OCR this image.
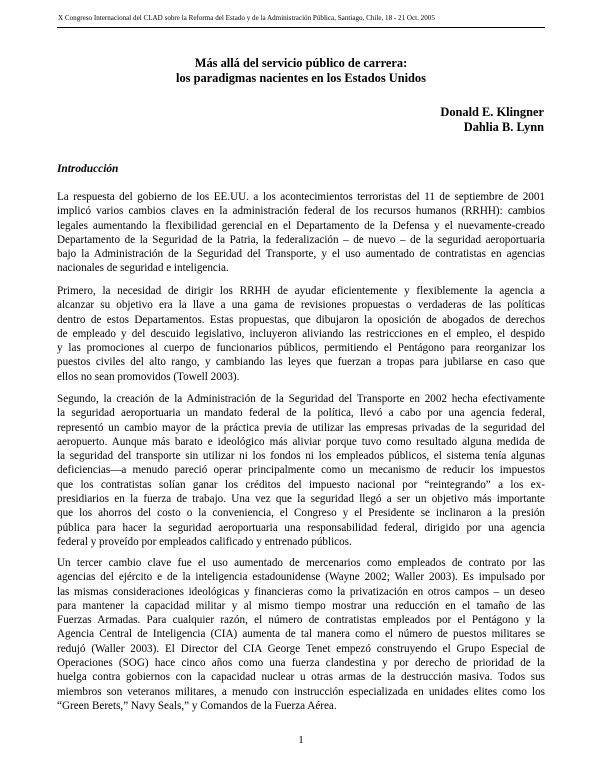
X Congreso Internacional del CLAD sobre la Reforma del Estado y de la Administración Pública, Santiago, Chile, 18 - 21 Oct. 2005
Más allá del servicio público de carrera:
los paradigmas nacientes en los Estados Unidos
Donald E. Klingner
Dahlia B. Lynn
Introducción
La respuesta del gobierno de los EE.UU. a los acontecimientos terroristas del 11 de septiembre de 2001
implicó varios cambios claves en la administración federal de los recursos humanos (RRHH): cambios
legales aumentando la flexibilidad gerencial en el Departamento de la Defensa y el nuevamente-creado
Departamento de la Seguridad de la Patria, la federalización – de nuevo – de la seguridad aeroportuaria
bajo la Administración de la Seguridad del Transporte, y el uso aumentado de contratistas en agencias
nacionales de seguridad e inteligencia.
Primero, la necesidad de dirigir los RRHH de ayudar eficientemente y flexiblemente la agencia a
alcanzar su objetivo era la llave a una gama de revisiones propuestas o verdaderas de las políticas
dentro de estos Departamentos. Estas propuestas, que dibujaron la oposición de abogados de derechos
de empleado y del descuido legislativo, incluyeron aliviando las restricciones en el empleo, el despido
y las promociones al cuerpo de funcionarios públicos, permitiendo el Pentágono para reorganizar los
puestos civiles del alto rango, y cambiando las leyes que fuerzan a tropas para jubilarse en caso que
ellos no sean promovidos (Towell 2003).
Segundo, la creación de la Administración de la Seguridad del Transporte en 2002 hecha efectivamente
la seguridad aeroportuaria un mandato federal de la política, llevó a cabo por una agencia federal,
representó un cambio mayor de la práctica previa de utilizar las empresas privadas de la seguridad del
aeropuerto. Aunque más barato e ideológico más aliviar porque tuvo como resultado alguna medida de
la seguridad del transporte sin utilizar ni los fondos ni los empleados públicos, el sistema tenía algunas
deficiencias—a menudo pareció operar principalmente como un mecanismo de reducir los impuestos
que los contratistas solían ganar los créditos del impuesto nacional por “reintegrando” a los ex-
presidiarios en la fuerza de trabajo. Una vez que la seguridad llegó a ser un objetivo más importante
que los ahorros del costo o la conveniencia, el Congreso y el Presidente se inclinaron a la presión
pública para hacer la seguridad aeroportuaria una responsabilidad federal, dirigido por una agencia
federal y proveído por empleados calificado y entrenado públicos.
Un tercer cambio clave fue el uso aumentado de mercenarios como empleados de contrato por las
agencias del ejército e de la inteligencia estadounidense (Wayne 2002; Waller 2003). Es impulsado por
las mismas consideraciones ideológicas y financieras como la privatización en otros campos – un deseo
para mantener la capacidad militar y al mismo tiempo mostrar una reducción en el tamaño de las
Fuerzas Armadas. Para cualquier razón, el número de contratistas empleados por el Pentágono y la
Agencia Central de Inteligencia (CIA) aumenta de tal manera como el número de puestos militares se
redujó (Waller 2003). El Director del CIA George Tenet empezó construyendo el Grupo Especial de
Operaciones (SOG) hace cinco años como una fuerza clandestina y por derecho de prioridad de la
huelga contra gobiernos con la capacidad nuclear u otras armas de la destrucción masiva. Todos sus
miembros son veteranos militares, a menudo con instrucción especializada en unidades elites como los
“Green Berets,” Navy Seals,” y Comandos de la Fuerza Aérea.
1
